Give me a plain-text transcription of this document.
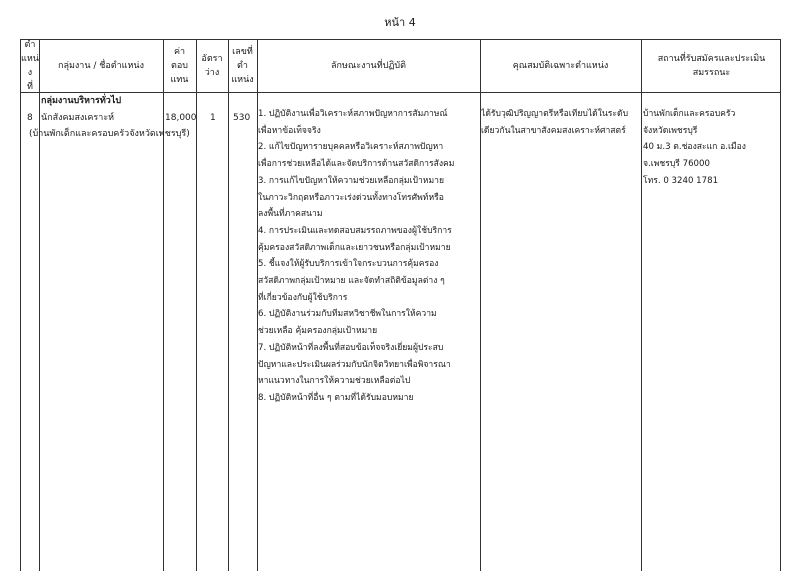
หน้า 4
ตำ
แหน่ง
ที่
กลุ่มงาน / ชื่อตำแหน่ง
ค่า
ตอบ
แทน
อัตรา
ว่าง
เลขที่
ตำ
แหน่ง
ลักษณะงานที่ปฏิบัติ	คุณสมบัติเฉพาะตำแหน่ง
สถานที่รับสมัครและประเมินสมรรถนะ
กลุ่มงานบริหารทั่วไป
8 นักสังคมสงเคราะห์
(บ้านพักเด็กและครอบครัวจังหวัดเพชรบุรี)
18,000 1 530 1. ปฏิบัติงานเพื่อวิเคราะห์สภาพปัญหาการสัมภาษณ์
เพื่อหาข้อเท็จจริง
2. แก้ไขปัญหารายบุคคลหรือวิเคราะห์สภาพปัญหา
เพื่อการช่วยเหลือได้และจัดบริการด้านสวัสดิการสังคม
3. การแก้ไขปัญหาให้ความช่วยเหลือกลุ่มเป้าหมาย
ในภาวะวิกฤตหรือภาวะเร่งด่วนทั้งทางโทรศัพท์หรือ
ลงพื้นที่ภาคสนาม
4. การประเมินและทดสอบสมรรถภาพของผู้ใช้บริการ
คุ้มครองสวัสดิภาพเด็กและเยาวชนหรือกลุ่มเป้าหมาย
5. ชี้แจงให้ผู้รับบริการเข้าใจกระบวนการคุ้มครอง
สวัสดิภาพกลุ่มเป้าหมาย และจัดทำสถิติข้อมูลต่าง ๆ
ที่เกี่ยวข้องกับผู้ใช้บริการ
6. ปฏิบัติงานร่วมกับทีมสหวิชาชีพในการให้ความ
ช่วยเหลือ คุ้มครองกลุ่มเป้าหมาย
7. ปฏิบัติหน้าที่ลงพื้นที่สอบข้อเท็จจริงเยี่ยมผู้ประสบ
ปัญหาและประเมินผลร่วมกับนักจิตวิทยาเพื่อพิจารณา
หาแนวทางในการให้ความช่วยเหลือต่อไป
8. ปฏิบัติหน้าที่อื่น ๆ ตามที่ได้รับมอบหมาย
ได้รับวุฒิปริญญาตรีหรือเทียบได้ในระดับ
เดียวกันในสาขาสังคมสงเคราะห์ศาสตร์
บ้านพักเด็กและครอบครัว
จังหวัดเพชรบุรี
40 ม.3 ต.ช่องสะแก อ.เมือง
จ.เพชรบุรี 76000
โทร. 0 3240 1781
